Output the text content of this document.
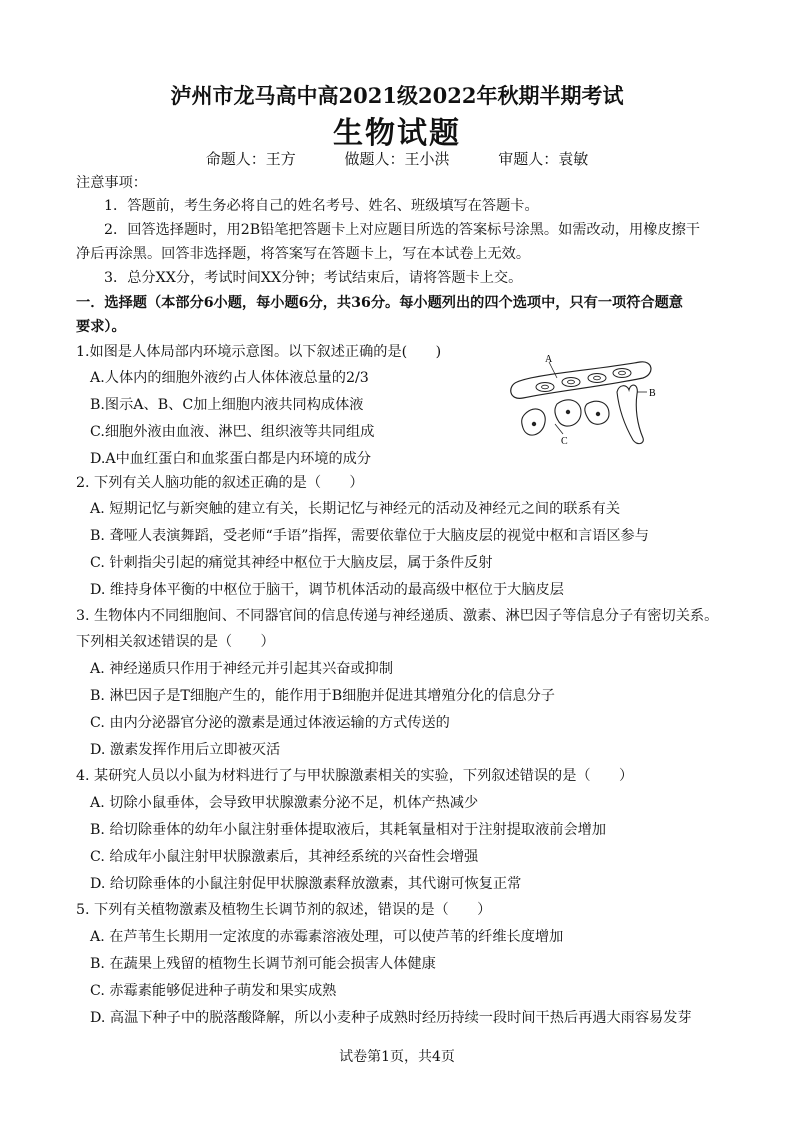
泸州市龙马高中高2021级2022年秋期半期考试
生物试题
命题人：王方	做题人：王小洪	审题人：袁敏
注意事项：
1．答题前，考生务必将自己的姓名考号、姓名、班级填写在答题卡。
2．回答选择题时，用2B铅笔把答题卡上对应题目所选的答案标号涂黑。如需改动，用橡皮擦干
净后再涂黑。回答非选择题，将答案写在答题卡上，写在本试卷上无效。
3．总分XX分，考试时间XX分钟；考试结束后，请将答题卡上交。
一．选择题（本部分6小题，每小题6分，共36分。每小题列出的四个选项中，只有一项符合题意
要求）。
1.如图是人体局部内环境示意图。以下叙述正确的是(　　)
A.人体内的细胞外液约占人体体液总量的2/3
B.图示A、B、C加上细胞内液共同构成体液
C.细胞外液由血液、淋巴、组织液等共同组成
D.A中血红蛋白和血浆蛋白都是内环境的成分
A
B
C
2. 下列有关人脑功能的叙述正确的是（　　）
A. 短期记忆与新突触的建立有关，长期记忆与神经元的活动及神经元之间的联系有关
B. 聋哑人表演舞蹈，受老师“手语”指挥，需要依靠位于大脑皮层的视觉中枢和言语区参与
C. 针刺指尖引起的痛觉其神经中枢位于大脑皮层，属于条件反射
D. 维持身体平衡的中枢位于脑干，调节机体活动的最高级中枢位于大脑皮层
3. 生物体内不同细胞间、不同器官间的信息传递与神经递质、激素、淋巴因子等信息分子有密切关系。
下列相关叙述错误的是（　　）
A. 神经递质只作用于神经元并引起其兴奋或抑制
B. 淋巴因子是T细胞产生的，能作用于B细胞并促进其增殖分化的信息分子
C. 由内分泌器官分泌的激素是通过体液运输的方式传送的
D. 激素发挥作用后立即被灭活
4. 某研究人员以小鼠为材料进行了与甲状腺激素相关的实验，下列叙述错误的是（　　）
A. 切除小鼠垂体，会导致甲状腺激素分泌不足，机体产热减少
B. 给切除垂体的幼年小鼠注射垂体提取液后，其耗氧量相对于注射提取液前会增加
C. 给成年小鼠注射甲状腺激素后，其神经系统的兴奋性会增强
D. 给切除垂体的小鼠注射促甲状腺激素释放激素，其代谢可恢复正常
5. 下列有关植物激素及植物生长调节剂的叙述，错误的是（　　）
A. 在芦苇生长期用一定浓度的赤霉素溶液处理，可以使芦苇的纤维长度增加
B. 在蔬果上残留的植物生长调节剂可能会损害人体健康
C. 赤霉素能够促进种子萌发和果实成熟
D. 高温下种子中的脱落酸降解，所以小麦种子成熟时经历持续一段时间干热后再遇大雨容易发芽
试卷第1页，共4页
